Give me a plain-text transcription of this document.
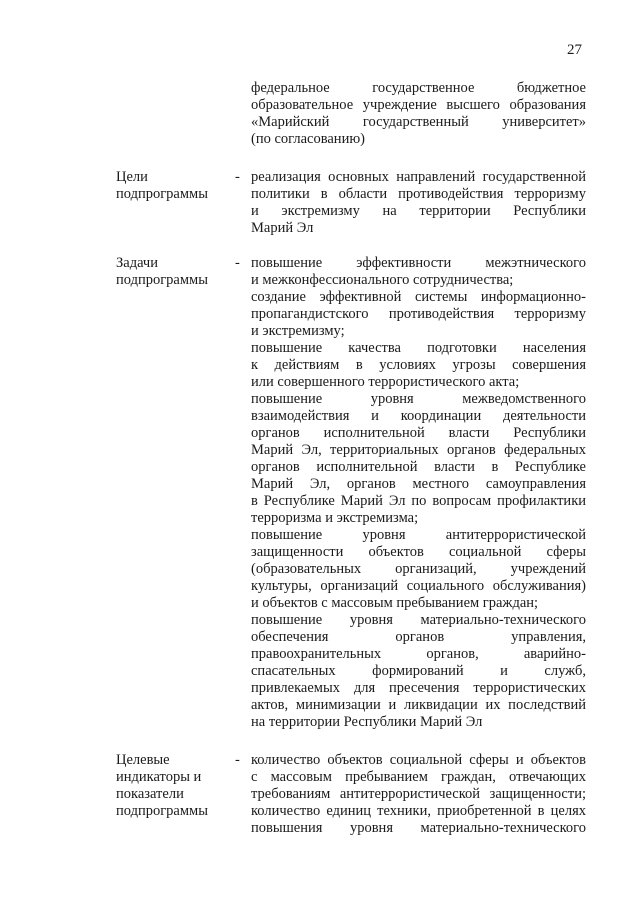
27
федеральное государственное бюджетное
образовательное учреждение высшего образования
«Марийский государственный университет»
(по согласованию)
Цели
подпрограммы
- реализация основных направлений государственной
политики в области противодействия терроризму
и экстремизму на территории Республики
Марий Эл
Задачи
подпрограммы
- повышение эффективности межэтнического
и межконфессионального сотрудничества;
создание эффективной системы информационно-
пропагандистского противодействия терроризму
и экстремизму;
повышение качества подготовки населения
к действиям в условиях угрозы совершения
или совершенного террористического акта;
повышение уровня межведомственного
взаимодействия и координации деятельности
органов исполнительной власти Республики
Марий Эл, территориальных органов федеральных
органов исполнительной власти в Республике
Марий Эл, органов местного самоуправления
в Республике Марий Эл по вопросам профилактики
терроризма и экстремизма;
повышение уровня антитеррористической
защищенности объектов социальной сферы
(образовательных организаций, учреждений
культуры, организаций социального обслуживания)
и объектов с массовым пребыванием граждан;
повышение уровня материально-технического
обеспечения органов управления,
правоохранительных органов, аварийно-
спасательных формирований и служб,
привлекаемых для пресечения террористических
актов, минимизации и ликвидации их последствий
на территории Республики Марий Эл
Целевые
индикаторы и
показатели
подпрограммы
- количество объектов социальной сферы и объектов
с массовым пребыванием граждан, отвечающих
требованиям антитеррористической защищенности;
количество единиц техники, приобретенной в целях
повышения уровня материально-технического
